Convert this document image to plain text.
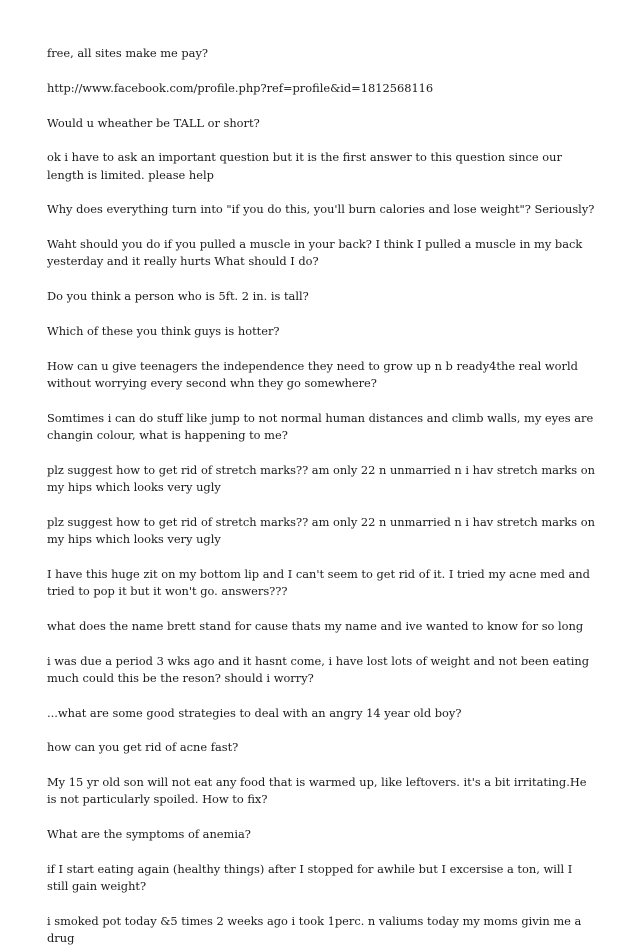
free, all sites make me pay?

http://www.facebook.com/profile.php?ref=profile&id=1812568116

Would u wheather be TALL or short?

ok i have to ask an important question but it is the first answer to this question since our length is limited. please help

Why does everything turn into "if you do this, you'll burn calories and lose weight"? Seriously?

Waht should you do if you pulled a muscle in your back? I think I pulled a muscle in my back yesterday and it really hurts What should I do?

Do you think a person who is 5ft. 2 in. is tall?

Which of these you think guys is hotter?

How can u give teenagers the independence they need to grow up n b ready4the real world without worrying every second whn they go somewhere?

Somtimes i can do stuff like jump to not normal human distances and climb walls, my eyes are changin colour, what is happening to me?

plz suggest how to get rid of stretch marks?? am only 22 n unmarried n i hav stretch marks on my hips which looks very ugly

plz suggest how to get rid of stretch marks?? am only 22 n unmarried n i hav stretch marks on my hips which looks very ugly

I have this huge zit on my bottom lip and I can't seem to get rid of it. I tried my acne med and tried to pop it but it won't go. answers???

what does the name brett stand for cause thats my name and ive wanted to know for so long

i was due a period 3 wks ago and it hasnt come, i have lost lots of weight and not been eating much could this be the reson? should i worry?

...what are some good strategies to deal with an angry 14 year old boy?

how can you get rid of acne fast?

My 15 yr old son will not eat any food that is warmed up, like leftovers. it's a bit irritating.He is not particularly spoiled. How to fix?

What are the symptoms of anemia?

if I start eating again (healthy things) after I stopped for awhile but I excersise a ton, will I still gain weight?

i smoked pot today &5 times 2 weeks ago i took 1perc. n valiums today my moms givin me a drug
